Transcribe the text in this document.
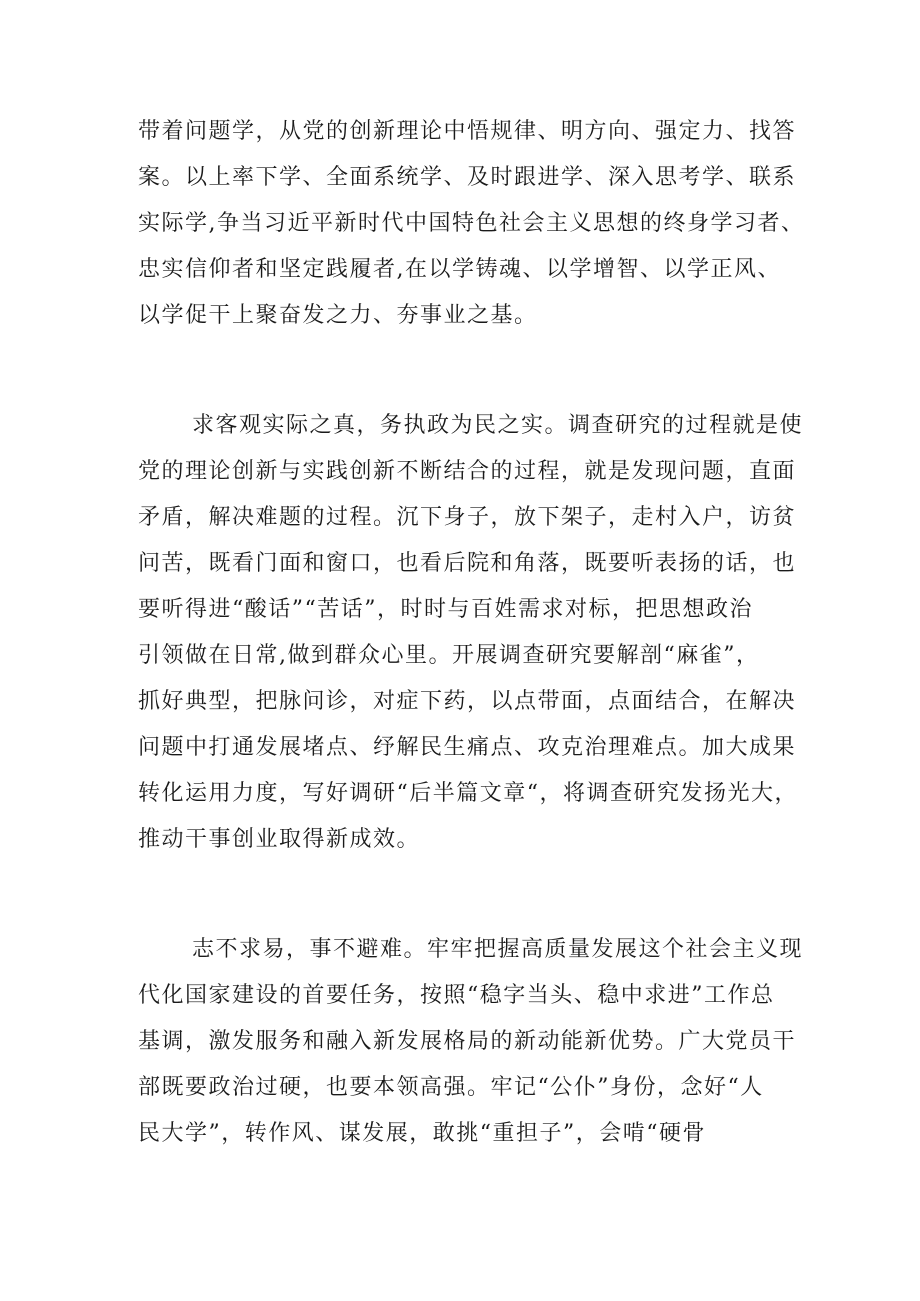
带着问题学，从党的创新理论中悟规律、明方向、强定力、找答
案。以上率下学、全面系统学、及时跟进学、深入思考学、联系
实际学,争当习近平新时代中国特色社会主义思想的终身学习者、
忠实信仰者和坚定践履者,在以学铸魂、以学增智、以学正风、
以学促干上聚奋发之力、夯事业之基。
求客观实际之真，务执政为民之实。调查研究的过程就是使
党的理论创新与实践创新不断结合的过程，就是发现问题，直面
矛盾，解决难题的过程。沉下身子，放下架子，走村入户，访贫
问苦，既看门面和窗口，也看后院和角落，既要听表扬的话，也
要听得进“酸话”“苦话”，时时与百姓需求对标，把思想政治
引领做在日常,做到群众心里。开展调查研究要解剖“麻雀”，
抓好典型，把脉问诊，对症下药，以点带面，点面结合，在解决
问题中打通发展堵点、纾解民生痛点、攻克治理难点。加大成果
转化运用力度，写好调研“后半篇文章“，将调查研究发扬光大，
推动干事创业取得新成效。
志不求易，事不避难。牢牢把握高质量发展这个社会主义现
代化国家建设的首要任务，按照“稳字当头、稳中求进”工作总
基调，激发服务和融入新发展格局的新动能新优势。广大党员干
部既要政治过硬，也要本领高强。牢记“公仆”身份，念好“人
民大学”，转作风、谋发展，敢挑“重担子”，会啃“硬骨
